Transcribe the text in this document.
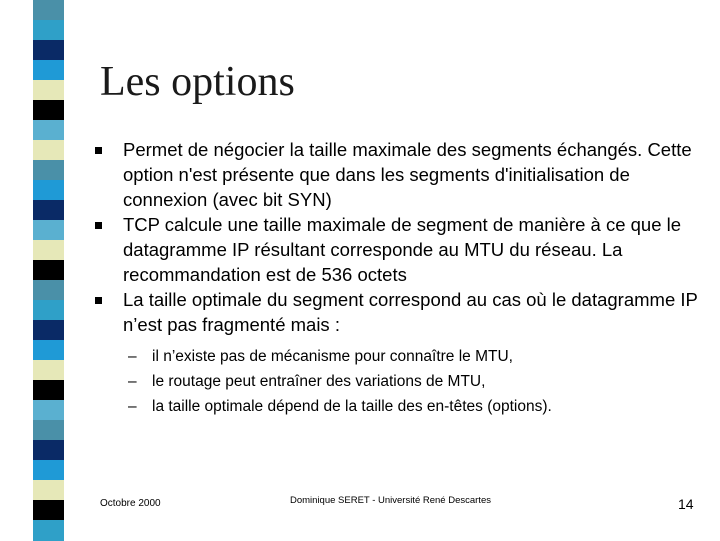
Les options
Permet de négocier la taille maximale des segments échangés. Cette option n'est présente que dans les segments d'initialisation de connexion (avec bit SYN)
TCP calcule une taille maximale de segment de manière à ce que le datagramme IP résultant corresponde au MTU du réseau. La recommandation est de 536 octets
La taille optimale du segment correspond au cas où le datagramme IP n’est pas fragmenté mais :
– il n’existe pas de mécanisme pour connaître le MTU,
– le routage peut entraîner des variations de MTU,
– la taille optimale dépend de la taille des en-têtes (options).
Octobre 2000	Dominique SERET - Université René Descartes	14
